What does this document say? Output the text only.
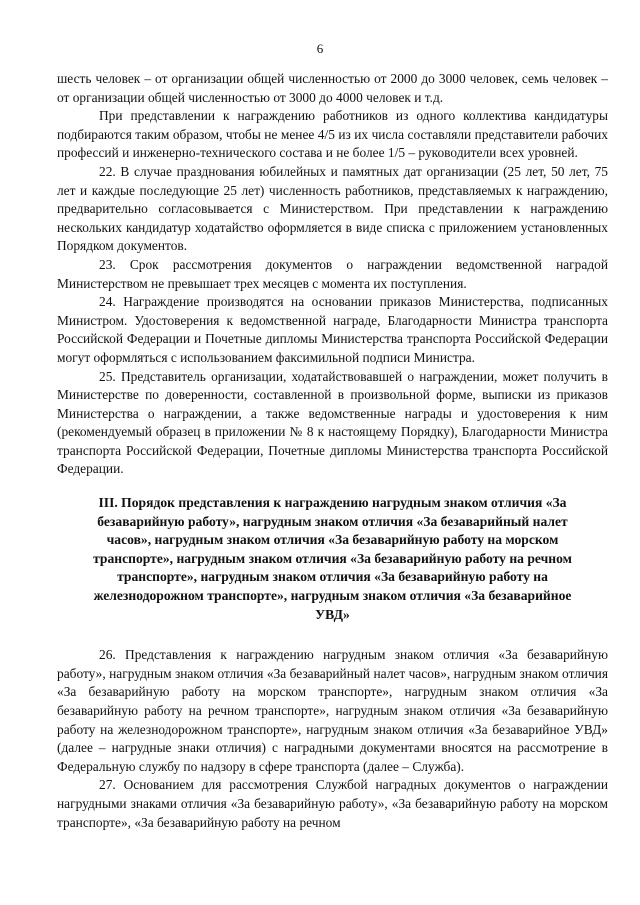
6

шесть человек – от организации общей численностью от 2000 до 3000 человек, семь человек – от организации общей численностью от 3000 до 4000 человек и т.д.

При представлении к награждению работников из одного коллектива кандидатуры подбираются таким образом, чтобы не менее 4/5 из их числа составляли представители рабочих профессий и инженерно-технического состава и не более 1/5 – руководители всех уровней.

22. В случае празднования юбилейных и памятных дат организации (25 лет, 50 лет, 75 лет и каждые последующие 25 лет) численность работников, представляемых к награждению, предварительно согласовывается с Министерством. При представлении к награждению нескольких кандидатур ходатайство оформляется в виде списка с приложением установленных Порядком документов.

23. Срок рассмотрения документов о награждении ведомственной наградой Министерством не превышает трех месяцев с момента их поступления.

24. Награждение производятся на основании приказов Министерства, подписанных Министром. Удостоверения к ведомственной награде, Благодарности Министра транспорта Российской Федерации и Почетные дипломы Министерства транспорта Российской Федерации могут оформляться с использованием факсимильной подписи Министра.

25. Представитель организации, ходатайствовавшей о награждении, может получить в Министерстве по доверенности, составленной в произвольной форме, выписки из приказов Министерства о награждении, а также ведомственные награды и удостоверения к ним (рекомендуемый образец в приложении № 8 к настоящему Порядку), Благодарности Министра транспорта Российской Федерации, Почетные дипломы Министерства транспорта Российской Федерации.

III. Порядок представления к награждению нагрудным знаком отличия «За безаварийную работу», нагрудным знаком отличия «За безаварийный налет часов», нагрудным знаком отличия «За безаварийную работу на морском транспорте», нагрудным знаком отличия «За безаварийную работу на речном транспорте», нагрудным знаком отличия «За безаварийную работу на железнодорожном транспорте», нагрудным знаком отличия «За безаварийное УВД»

26. Представления к награждению нагрудным знаком отличия «За безаварийную работу», нагрудным знаком отличия «За безаварийный налет часов», нагрудным знаком отличия «За безаварийную работу на морском транспорте», нагрудным знаком отличия «За безаварийную работу на речном транспорте», нагрудным знаком отличия «За безаварийную работу на железнодорожном транспорте», нагрудным знаком отличия «За безаварийное УВД» (далее – нагрудные знаки отличия) с наградными документами вносятся на рассмотрение в Федеральную службу по надзору в сфере транспорта (далее – Служба).

27. Основанием для рассмотрения Службой наградных документов о награждении нагрудными знаками отличия «За безаварийную работу», «За безаварийную работу на морском транспорте», «За безаварийную работу на речном
